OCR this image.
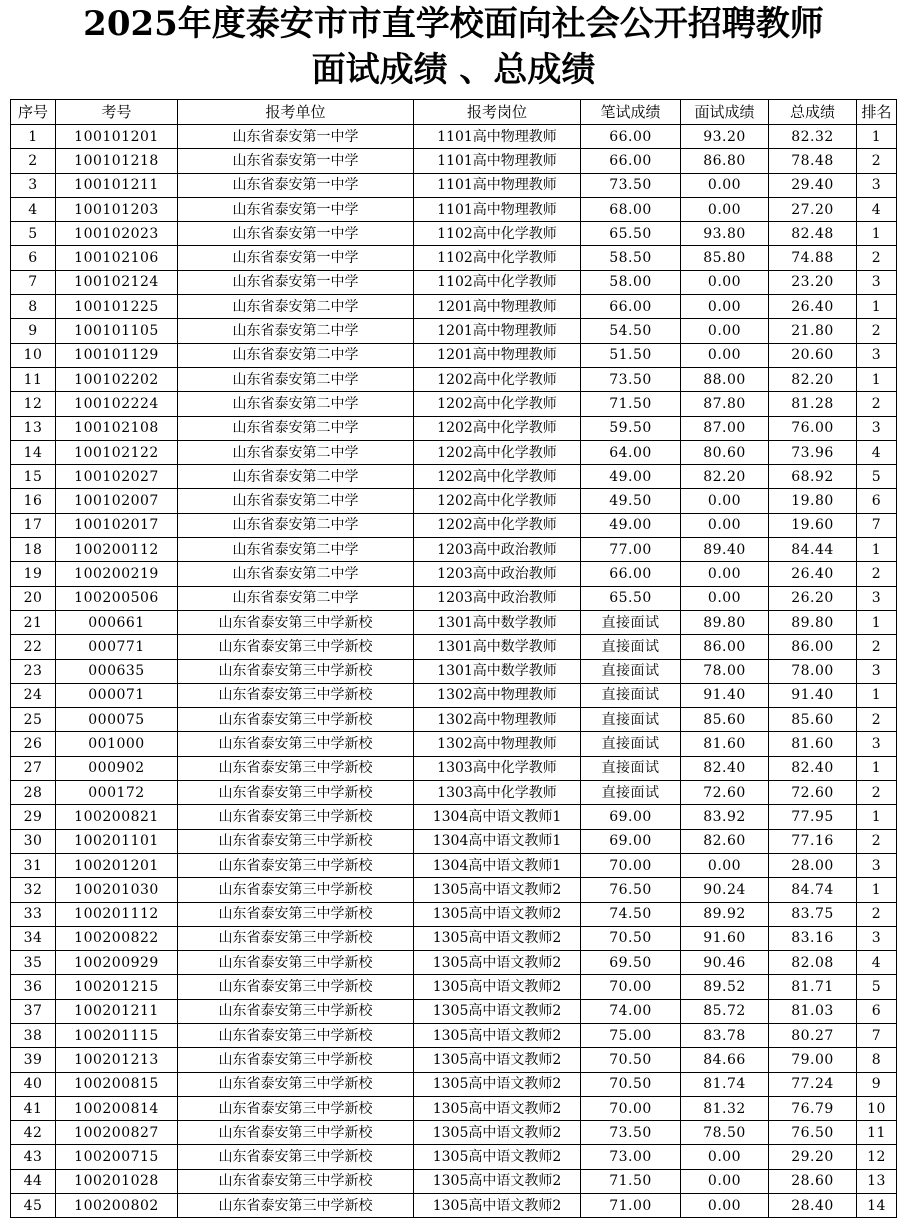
2025年度泰安市市直学校面向社会公开招聘教师
面试成绩 、总成绩
序号	考号	报考单位	报考岗位	笔试成绩	面试成绩	总成绩	排名
1	100101201	山东省泰安第一中学	1101高中物理教师	66.00	93.20	82.32	1
2	100101218	山东省泰安第一中学	1101高中物理教师	66.00	86.80	78.48	2
3	100101211	山东省泰安第一中学	1101高中物理教师	73.50	0.00	29.40	3
4	100101203	山东省泰安第一中学	1101高中物理教师	68.00	0.00	27.20	4
5	100102023	山东省泰安第一中学	1102高中化学教师	65.50	93.80	82.48	1
6	100102106	山东省泰安第一中学	1102高中化学教师	58.50	85.80	74.88	2
7	100102124	山东省泰安第一中学	1102高中化学教师	58.00	0.00	23.20	3
8	100101225	山东省泰安第二中学	1201高中物理教师	66.00	0.00	26.40	1
9	100101105	山东省泰安第二中学	1201高中物理教师	54.50	0.00	21.80	2
10	100101129	山东省泰安第二中学	1201高中物理教师	51.50	0.00	20.60	3
11	100102202	山东省泰安第二中学	1202高中化学教师	73.50	88.00	82.20	1
12	100102224	山东省泰安第二中学	1202高中化学教师	71.50	87.80	81.28	2
13	100102108	山东省泰安第二中学	1202高中化学教师	59.50	87.00	76.00	3
14	100102122	山东省泰安第二中学	1202高中化学教师	64.00	80.60	73.96	4
15	100102027	山东省泰安第二中学	1202高中化学教师	49.00	82.20	68.92	5
16	100102007	山东省泰安第二中学	1202高中化学教师	49.50	0.00	19.80	6
17	100102017	山东省泰安第二中学	1202高中化学教师	49.00	0.00	19.60	7
18	100200112	山东省泰安第二中学	1203高中政治教师	77.00	89.40	84.44	1
19	100200219	山东省泰安第二中学	1203高中政治教师	66.00	0.00	26.40	2
20	100200506	山东省泰安第二中学	1203高中政治教师	65.50	0.00	26.20	3
21	000661	山东省泰安第三中学新校	1301高中数学教师	直接面试	89.80	89.80	1
22	000771	山东省泰安第三中学新校	1301高中数学教师	直接面试	86.00	86.00	2
23	000635	山东省泰安第三中学新校	1301高中数学教师	直接面试	78.00	78.00	3
24	000071	山东省泰安第三中学新校	1302高中物理教师	直接面试	91.40	91.40	1
25	000075	山东省泰安第三中学新校	1302高中物理教师	直接面试	85.60	85.60	2
26	001000	山东省泰安第三中学新校	1302高中物理教师	直接面试	81.60	81.60	3
27	000902	山东省泰安第三中学新校	1303高中化学教师	直接面试	82.40	82.40	1
28	000172	山东省泰安第三中学新校	1303高中化学教师	直接面试	72.60	72.60	2
29	100200821	山东省泰安第三中学新校	1304高中语文教师1	69.00	83.92	77.95	1
30	100201101	山东省泰安第三中学新校	1304高中语文教师1	69.00	82.60	77.16	2
31	100201201	山东省泰安第三中学新校	1304高中语文教师1	70.00	0.00	28.00	3
32	100201030	山东省泰安第三中学新校	1305高中语文教师2	76.50	90.24	84.74	1
33	100201112	山东省泰安第三中学新校	1305高中语文教师2	74.50	89.92	83.75	2
34	100200822	山东省泰安第三中学新校	1305高中语文教师2	70.50	91.60	83.16	3
35	100200929	山东省泰安第三中学新校	1305高中语文教师2	69.50	90.46	82.08	4
36	100201215	山东省泰安第三中学新校	1305高中语文教师2	70.00	89.52	81.71	5
37	100201211	山东省泰安第三中学新校	1305高中语文教师2	74.00	85.72	81.03	6
38	100201115	山东省泰安第三中学新校	1305高中语文教师2	75.00	83.78	80.27	7
39	100201213	山东省泰安第三中学新校	1305高中语文教师2	70.50	84.66	79.00	8
40	100200815	山东省泰安第三中学新校	1305高中语文教师2	70.50	81.74	77.24	9
41	100200814	山东省泰安第三中学新校	1305高中语文教师2	70.00	81.32	76.79	10
42	100200827	山东省泰安第三中学新校	1305高中语文教师2	73.50	78.50	76.50	11
43	100200715	山东省泰安第三中学新校	1305高中语文教师2	73.00	0.00	29.20	12
44	100201028	山东省泰安第三中学新校	1305高中语文教师2	71.50	0.00	28.60	13
45	100200802	山东省泰安第三中学新校	1305高中语文教师2	71.00	0.00	28.40	14
